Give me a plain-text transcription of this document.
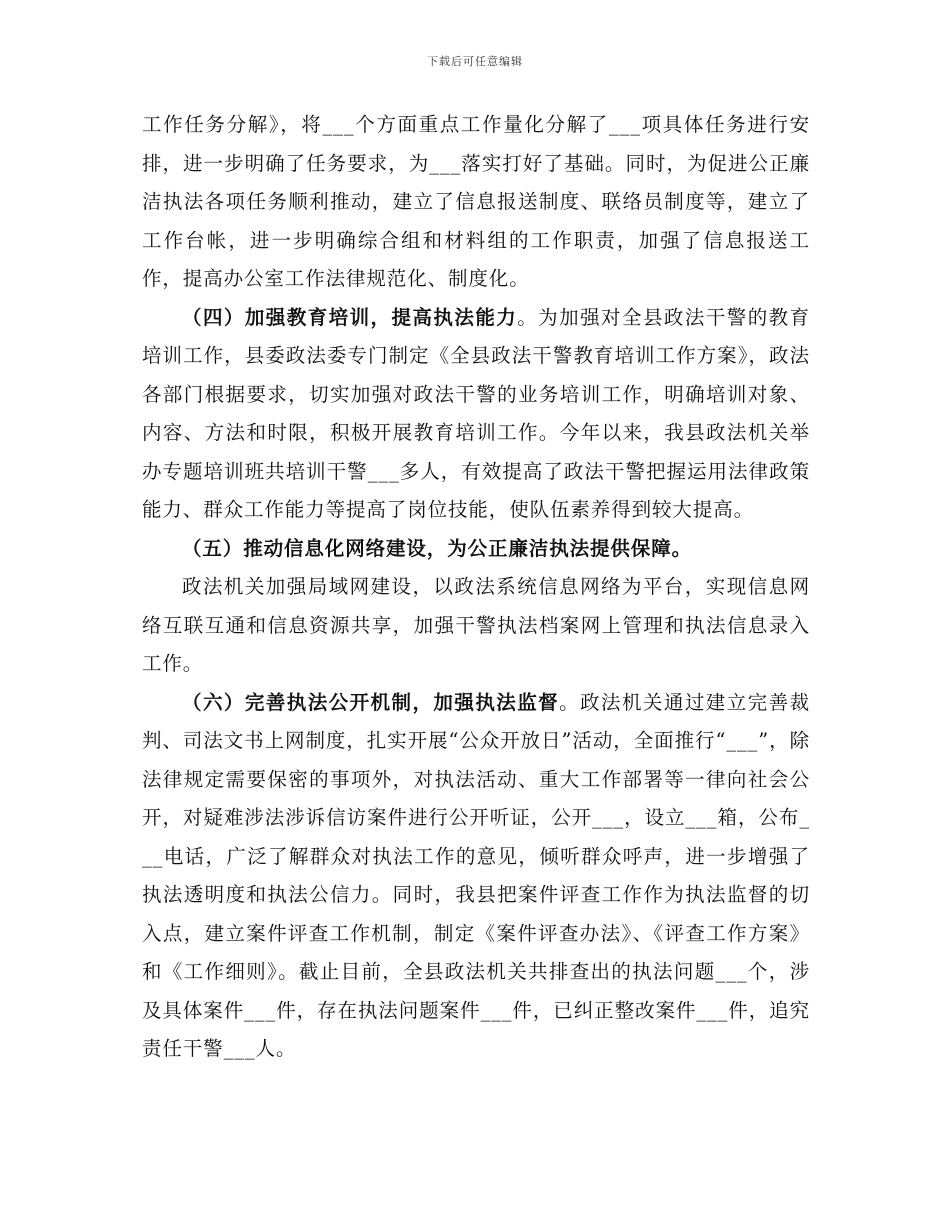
下载后可任意编辑

工作任务分解》，将___个方面重点工作量化分解了___项具体任务进行安排，进一步明确了任务要求，为___落实打好了基础。同时，为促进公正廉洁执法各项任务顺利推动，建立了信息报送制度、联络员制度等，建立了工作台帐，进一步明确综合组和材料组的工作职责，加强了信息报送工作，提高办公室工作法律规范化、制度化。

（四）加强教育培训，提高执法能力。为加强对全县政法干警的教育培训工作，县委政法委专门制定《全县政法干警教育培训工作方案》，政法各部门根据要求，切实加强对政法干警的业务培训工作，明确培训对象、内容、方法和时限，积极开展教育培训工作。今年以来，我县政法机关举办专题培训班共培训干警___多人，有效提高了政法干警把握运用法律政策能力、群众工作能力等提高了岗位技能，使队伍素养得到较大提高。

（五）推动信息化网络建设，为公正廉洁执法提供保障。

政法机关加强局域网建设，以政法系统信息网络为平台，实现信息网络互联互通和信息资源共享，加强干警执法档案网上管理和执法信息录入工作。

（六）完善执法公开机制，加强执法监督。政法机关通过建立完善裁判、司法文书上网制度，扎实开展“公众开放日”活动，全面推行“___”，除法律规定需要保密的事项外，对执法活动、重大工作部署等一律向社会公开，对疑难涉法涉诉信访案件进行公开听证，公开___，设立___箱，公布___电话，广泛了解群众对执法工作的意见，倾听群众呼声，进一步增强了执法透明度和执法公信力。同时，我县把案件评查工作作为执法监督的切入点，建立案件评查工作机制，制定《案件评查办法》、《评查工作方案》和《工作细则》。截止目前，全县政法机关共排查出的执法问题___个，涉及具体案件___件，存在执法问题案件___件，已纠正整改案件___件，追究责任干警___人。
